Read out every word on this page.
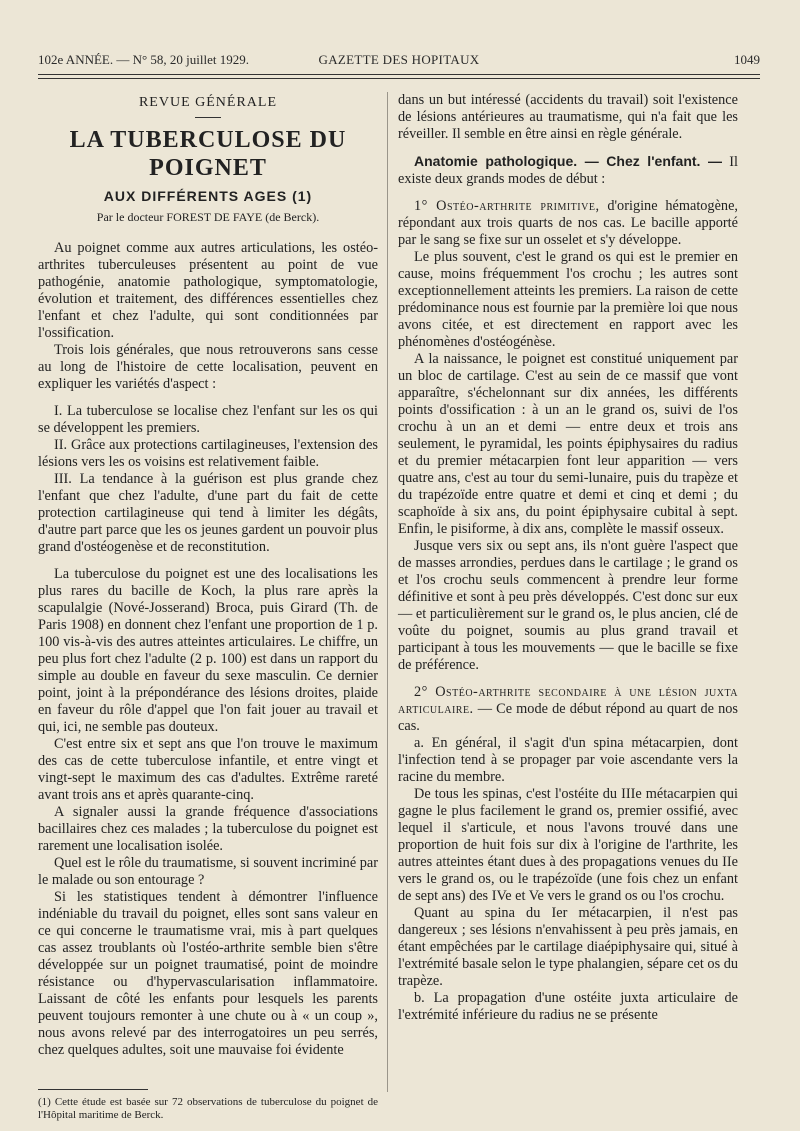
102e ANNÉE. — N° 58, 20 juillet 1929.	GAZETTE DES HOPITAUX	1049
REVUE GÉNÉRALE
LA TUBERCULOSE DU POIGNET
AUX DIFFÉRENTS AGES (1)
Par le docteur FOREST DE FAYE (de Berck).

Au poignet comme aux autres articulations, les ostéo-arthrites tuberculeuses présentent au point de vue pathogénie, anatomie pathologique, symptomatologie, évolution et traitement, des différences essentielles chez l'enfant et chez l'adulte, qui sont conditionnées par l'ossification.

Trois lois générales, que nous retrouverons sans cesse au long de l'histoire de cette localisation, peuvent en expliquer les variétés d'aspect :

I. La tuberculose se localise chez l'enfant sur les os qui se développent les premiers.

II. Grâce aux protections cartilagineuses, l'extension des lésions vers les os voisins est relativement faible.

III. La tendance à la guérison est plus grande chez l'enfant que chez l'adulte, d'une part du fait de cette protection cartilagineuse qui tend à limiter les dégâts, d'autre part parce que les os jeunes gardent un pouvoir plus grand d'ostéogenèse et de reconstitution.

La tuberculose du poignet est une des localisations les plus rares du bacille de Koch, la plus rare après la scapulalgie (Nové-Josserand) Broca, puis Girard (Th. de Paris 1908) en donnent chez l'enfant une proportion de 1 p. 100 vis-à-vis des autres atteintes articulaires. Le chiffre, un peu plus fort chez l'adulte (2 p. 100) est dans un rapport du simple au double en faveur du sexe masculin. Ce dernier point, joint à la prépondérance des lésions droites, plaide en faveur du rôle d'appel que l'on fait jouer au travail et qui, ici, ne semble pas douteux.

C'est entre six et sept ans que l'on trouve le maximum des cas de cette tuberculose infantile, et entre vingt et vingt-sept le maximum des cas d'adultes. Extrême rareté avant trois ans et après quarante-cinq.

A signaler aussi la grande fréquence d'associations bacillaires chez ces malades ; la tuberculose du poignet est rarement une localisation isolée.

Quel est le rôle du traumatisme, si souvent incriminé par le malade ou son entourage ?

Si les statistiques tendent à démontrer l'influence indéniable du travail du poignet, elles sont sans valeur en ce qui concerne le traumatisme vrai, mis à part quelques cas assez troublants où l'ostéo-arthrite semble bien s'être développée sur un poignet traumatisé, point de moindre résistance ou d'hypervascularisation inflammatoire. Laissant de côté les enfants pour lesquels les parents peuvent toujours remonter à une chute ou à « un coup », nous avons relevé par des interrogatoires un peu serrés, chez quelques adultes, soit une mauvaise foi évidente

(1) Cette étude est basée sur 72 observations de tuberculose du poignet de l'Hôpital maritime de Berck.

dans un but intéressé (accidents du travail) soit l'existence de lésions antérieures au traumatisme, qui n'a fait que les réveiller. Il semble en être ainsi en règle générale.

Anatomie pathologique. — Chez l'enfant. — Il existe deux grands modes de début :

1° Ostéo-arthrite primitive, d'origine hématogène, répondant aux trois quarts de nos cas. Le bacille apporté par le sang se fixe sur un osselet et s'y développe.

Le plus souvent, c'est le grand os qui est le premier en cause, moins fréquemment l'os crochu ; les autres sont exceptionnellement atteints les premiers. La raison de cette prédominance nous est fournie par la première loi que nous avons citée, et est directement en rapport avec les phénomènes d'ostéogénèse.

A la naissance, le poignet est constitué uniquement par un bloc de cartilage. C'est au sein de ce massif que vont apparaître, s'échelonnant sur dix années, les différents points d'ossification : à un an le grand os, suivi de l'os crochu à un an et demi — entre deux et trois ans seulement, le pyramidal, les points épiphysaires du radius et du premier métacarpien font leur apparition — vers quatre ans, c'est au tour du semi-lunaire, puis du trapèze et du trapézoïde entre quatre et demi et cinq et demi ; du scaphoïde à six ans, du point épiphysaire cubital à sept. Enfin, le pisiforme, à dix ans, complète le massif osseux.

Jusque vers six ou sept ans, ils n'ont guère l'aspect que de masses arrondies, perdues dans le cartilage ; le grand os et l'os crochu seuls commencent à prendre leur forme définitive et sont à peu près développés. C'est donc sur eux — et particulièrement sur le grand os, le plus ancien, clé de voûte du poignet, soumis au plus grand travail et participant à tous les mouvements — que le bacille se fixe de préférence.

2° Ostéo-arthrite secondaire à une lésion juxta articulaire. — Ce mode de début répond au quart de nos cas.

a. En général, il s'agit d'un spina métacarpien, dont l'infection tend à se propager par voie ascendante vers la racine du membre.

De tous les spinas, c'est l'ostéite du IIIe métacarpien qui gagne le plus facilement le grand os, premier ossifié, avec lequel il s'articule, et nous l'avons trouvé dans une proportion de huit fois sur dix à l'origine de l'arthrite, les autres atteintes étant dues à des propagations venues du IIe vers le grand os, ou le trapézoïde (une fois chez un enfant de sept ans) des IVe et Ve vers le grand os ou l'os crochu.

Quant au spina du Ier métacarpien, il n'est pas dangereux ; ses lésions n'envahissent à peu près jamais, en étant empêchées par le cartilage diaépiphysaire qui, situé à l'extrémité basale selon le type phalangien, sépare cet os du trapèze.

b. La propagation d'une ostéite juxta articulaire de l'extrémité inférieure du radius ne se présente
